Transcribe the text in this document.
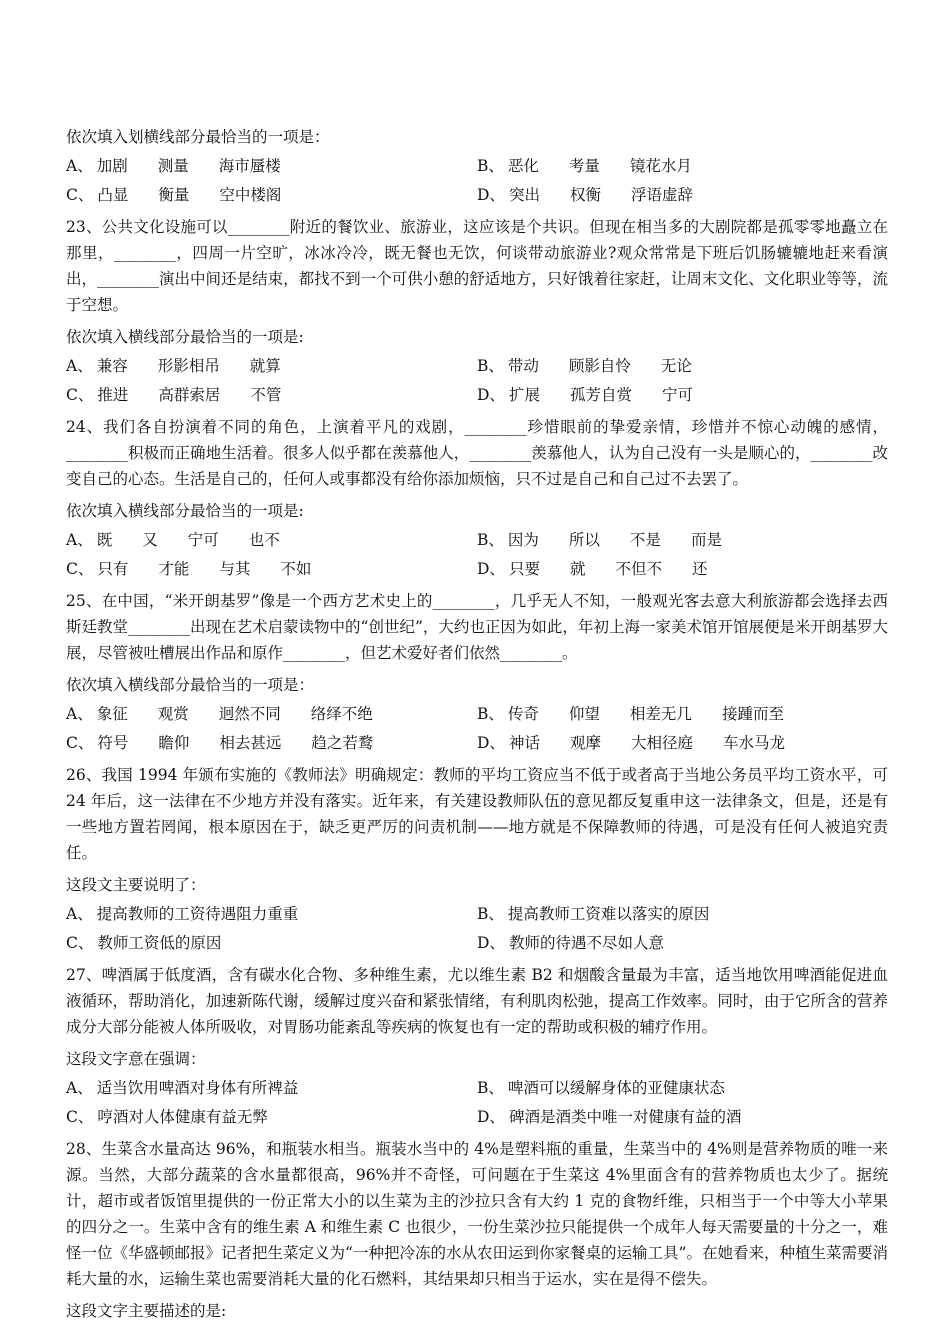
依次填入划横线部分最恰当的一项是：
A、 加剧 测量 海市蜃楼	B、 恶化 考量 镜花水月
C、 凸显 衡量 空中楼阁	D、 突出 权衡 浮语虚辞
23、公共文化设施可以________附近的餐饮业、旅游业，这应该是个共识。但现在相当多的大剧院都是孤零零地矗立在那里，________，四周一片空旷，冰冰冷冷，既无餐也无饮，何谈带动旅游业?观众常常是下班后饥肠辘辘地赶来看演出，________演出中间还是结束，都找不到一个可供小憩的舒适地方，只好饿着往家赶，让周末文化、文化职业等等，流于空想。
依次填入横线部分最恰当的一项是:
A、 兼容 形影相吊 就算	B、 带动 顾影自怜 无论
C、 推进 高群索居 不管	D、 扩展 孤芳自赏 宁可
24、我们各自扮演着不同的角色，上演着平凡的戏剧，________珍惜眼前的挚爱亲情，珍惜并不惊心动魄的感情，________积极而正确地生活着。很多人似乎都在羡慕他人，________羡慕他人，认为自己没有一头是顺心的，________改变自己的心态。生活是自己的，任何人或事都没有给你添加烦恼，只不过是自己和自己过不去罢了。
依次填入横线部分最恰当的一项是:
A、 既 又 宁可 也不	B、 因为 所以 不是 而是
C、 只有 才能 与其 不如	D、 只要 就 不但不 还
25、在中国，“米开朗基罗”像是一个西方艺术史上的________，几乎无人不知，一般观光客去意大利旅游都会选择去西斯廷教堂________出现在艺术启蒙读物中的“创世纪”，大约也正因为如此，年初上海一家美术馆开馆展便是米开朗基罗大展，尽管被吐槽展出作品和原作________，但艺术爱好者们依然________。
依次填入横线部分最恰当的一项是：
A、 象征 观赏 迥然不同 络绎不绝	B、 传奇 仰望 相差无几 接踵而至
C、 符号 瞻仰 相去甚远 趋之若鹜	D、 神话 观摩 大相径庭 车水马龙
26、我国 1994 年颁布实施的《教师法》明确规定：教师的平均工资应当不低于或者高于当地公务员平均工资水平，可 24 年后，这一法律在不少地方并没有落实。近年来，有关建设教师队伍的意见都反复重申这一法律条文，但是，还是有一些地方置若罔闻，根本原因在于，缺乏更严厉的问责机制——地方就是不保障教师的待遇，可是没有任何人被追究责任。
这段文主要说明了：
A、 提高教师的工资待遇阻力重重	B、 提高教师工资难以落实的原因
C、 教师工资低的原因	D、 教师的待遇不尽如人意
27、啤酒属于低度酒，含有碳水化合物、多种维生素，尤以维生素 B2 和烟酸含量最为丰富，适当地饮用啤酒能促进血液循环，帮助消化，加速新陈代谢，缓解过度兴奋和紧张情绪，有利肌肉松弛，提高工作效率。同时，由于它所含的营养成分大部分能被人体所吸收，对胃肠功能紊乱等疾病的恢复也有一定的帮助或积极的辅疗作用。
这段文字意在强调：
A、 适当饮用啤酒对身体有所裨益	B、 啤酒可以缓解身体的亚健康状态
C、 哼酒对人体健康有益无弊	D、 碑酒是酒类中唯一对健康有益的酒
28、生菜含水量高达 96%，和瓶装水相当。瓶装水当中的 4%是塑料瓶的重量，生菜当中的 4%则是营养物质的唯一来源。当然，大部分蔬菜的含水量都很高，96%并不奇怪，可问题在于生菜这 4%里面含有的营养物质也太少了。据统计，超市或者饭馆里提供的一份正常大小的以生菜为主的沙拉只含有大约 1 克的食物纤维，只相当于一个中等大小苹果的四分之一。生菜中含有的维生素 A 和维生素 C 也很少，一份生菜沙拉只能提供一个成年人每天需要量的十分之一，难怪一位《华盛顿邮报》记者把生菜定义为“一种把冷冻的水从农田运到你家餐桌的运输工具”。在她看来，种植生菜需要消耗大量的水，运输生菜也需要消耗大量的化石燃料，其结果却只相当于运水，实在是得不偿失。
这段文字主要描述的是:
